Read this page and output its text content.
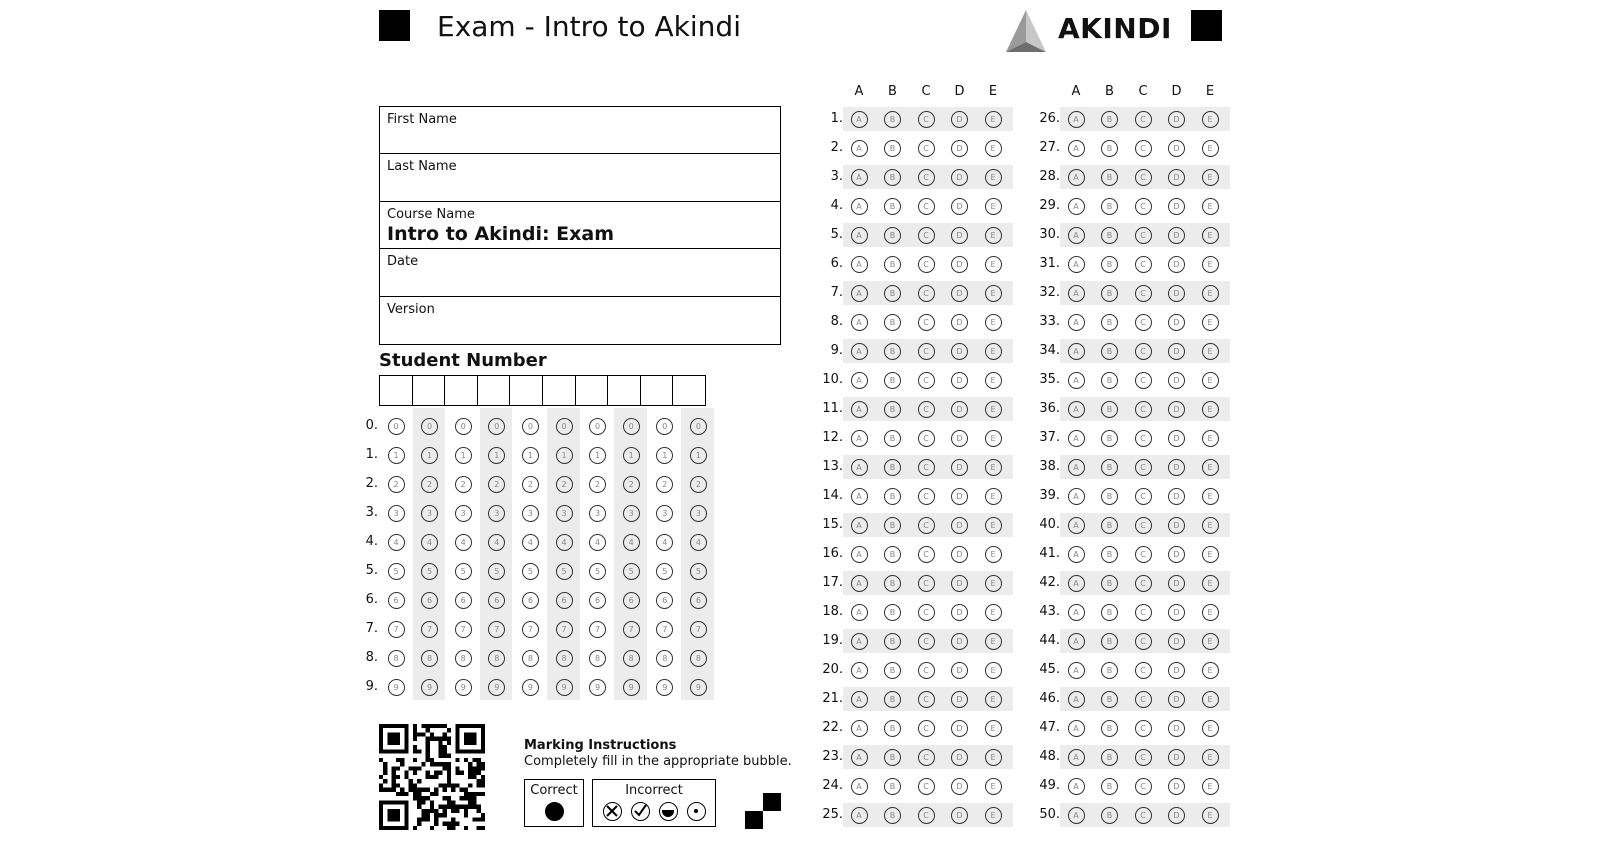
Exam - Intro to Akindi	AKINDI
First Name
Last Name
Course Name
Intro to Akindi: Exam
Date
Version
Student Number
0.	0	0	0	0	0	0	0	0	0	0
1.	1	1	1	1	1	1	1	1	1	1
2.	2	2	2	2	2	2	2	2	2	2
3.	3	3	3	3	3	3	3	3	3	3
4.	4	4	4	4	4	4	4	4	4	4
5.	5	5	5	5	5	5	5	5	5	5
6.	6	6	6	6	6	6	6	6	6	6
7.	7	7	7	7	7	7	7	7	7	7
8.	8	8	8	8	8	8	8	8	8	8
9.	9	9	9	9	9	9	9	9	9	9
A	B	C	D	E
1.	A	B	C	D	E
2.	A	B	C	D	E
3.	A	B	C	D	E
4.	A	B	C	D	E
5.	A	B	C	D	E
6.	A	B	C	D	E
7.	A	B	C	D	E
8.	A	B	C	D	E
9.	A	B	C	D	E
10.	A	B	C	D	E
11.	A	B	C	D	E
12.	A	B	C	D	E
13.	A	B	C	D	E
14.	A	B	C	D	E
15.	A	B	C	D	E
16.	A	B	C	D	E
17.	A	B	C	D	E
18.	A	B	C	D	E
19.	A	B	C	D	E
20.	A	B	C	D	E
21.	A	B	C	D	E
22.	A	B	C	D	E
23.	A	B	C	D	E
24.	A	B	C	D	E
25.	A	B	C	D	E
A	B	C	D	E
26.	A	B	C	D	E
27.	A	B	C	D	E
28.	A	B	C	D	E
29.	A	B	C	D	E
30.	A	B	C	D	E
31.	A	B	C	D	E
32.	A	B	C	D	E
33.	A	B	C	D	E
34.	A	B	C	D	E
35.	A	B	C	D	E
36.	A	B	C	D	E
37.	A	B	C	D	E
38.	A	B	C	D	E
39.	A	B	C	D	E
40.	A	B	C	D	E
41.	A	B	C	D	E
42.	A	B	C	D	E
43.	A	B	C	D	E
44.	A	B	C	D	E
45.	A	B	C	D	E
46.	A	B	C	D	E
47.	A	B	C	D	E
48.	A	B	C	D	E
49.	A	B	C	D	E
50.	A	B	C	D	E
Marking Instructions
Completely fill in the appropriate bubble.
Correct	Incorrect
